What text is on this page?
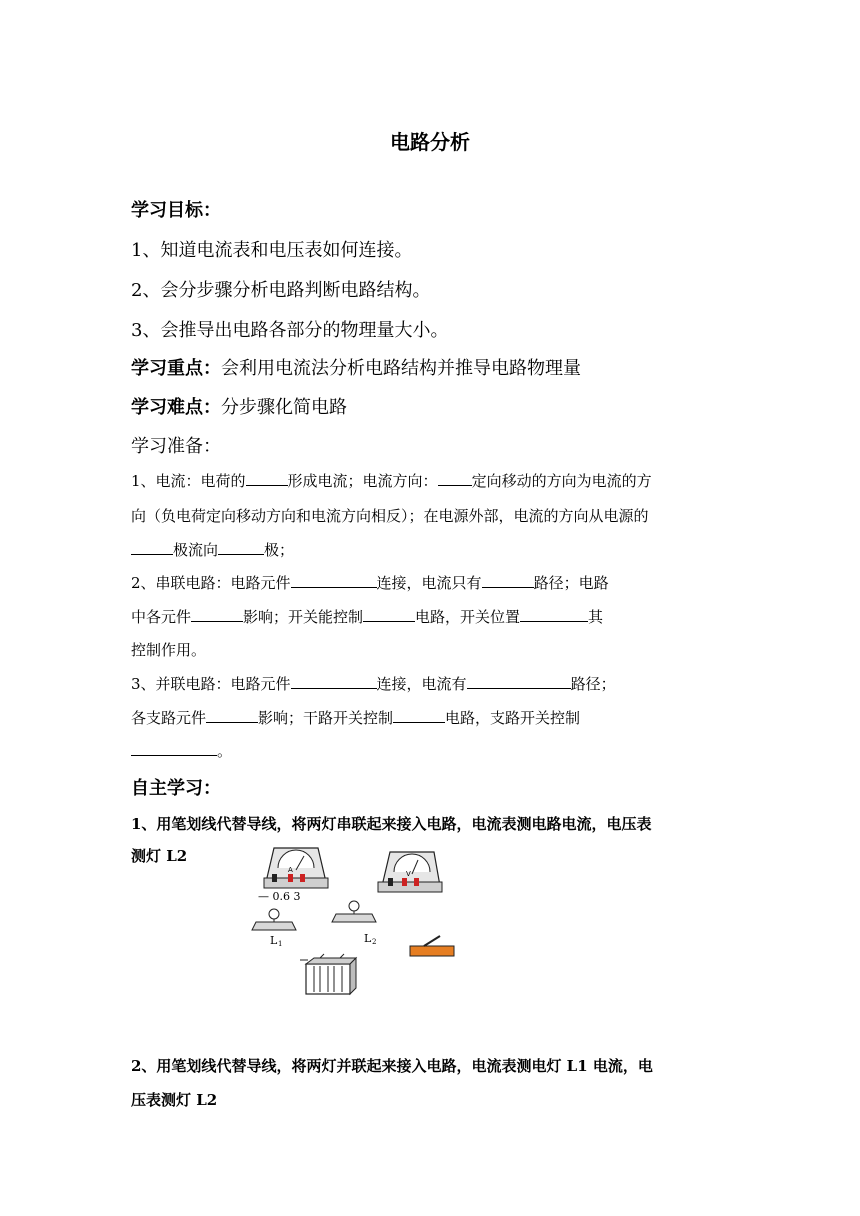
电路分析
学习目标：
1、知道电流表和电压表如何连接。
2、会分步骤分析电路判断电路结构。
3、会推导出电路各部分的物理量大小。
学习重点：会利用电流法分析电路结构并推导电路物理量
学习难点：分步骤化简电路
学习准备：
1、电流：电荷的	形成电流；电流方向： 定向移动的方向为电流的方
向（负电荷定向移动方向和电流方向相反）；在电源外部，电流的方向从电源的
极流向	极；
2、串联电路：电路元件	连接，电流只有	路径；电路
中各元件	影响；开关能控制	电路，开关位置	其
控制作用。
3、并联电路：电路元件	连接，电流有	路径；
各支路元件	影响；干路开关控制	电路，支路开关控制
。
自主学习：
1、用笔划线代替导线，将两灯串联起来接入电路，电流表测电路电流，电压表
测灯 L2
A
— 0.6 3
V
L 1	L 2
2、用笔划线代替导线，将两灯并联起来接入电路，电流表测电灯 L1 电流，电
压表测灯 L2
